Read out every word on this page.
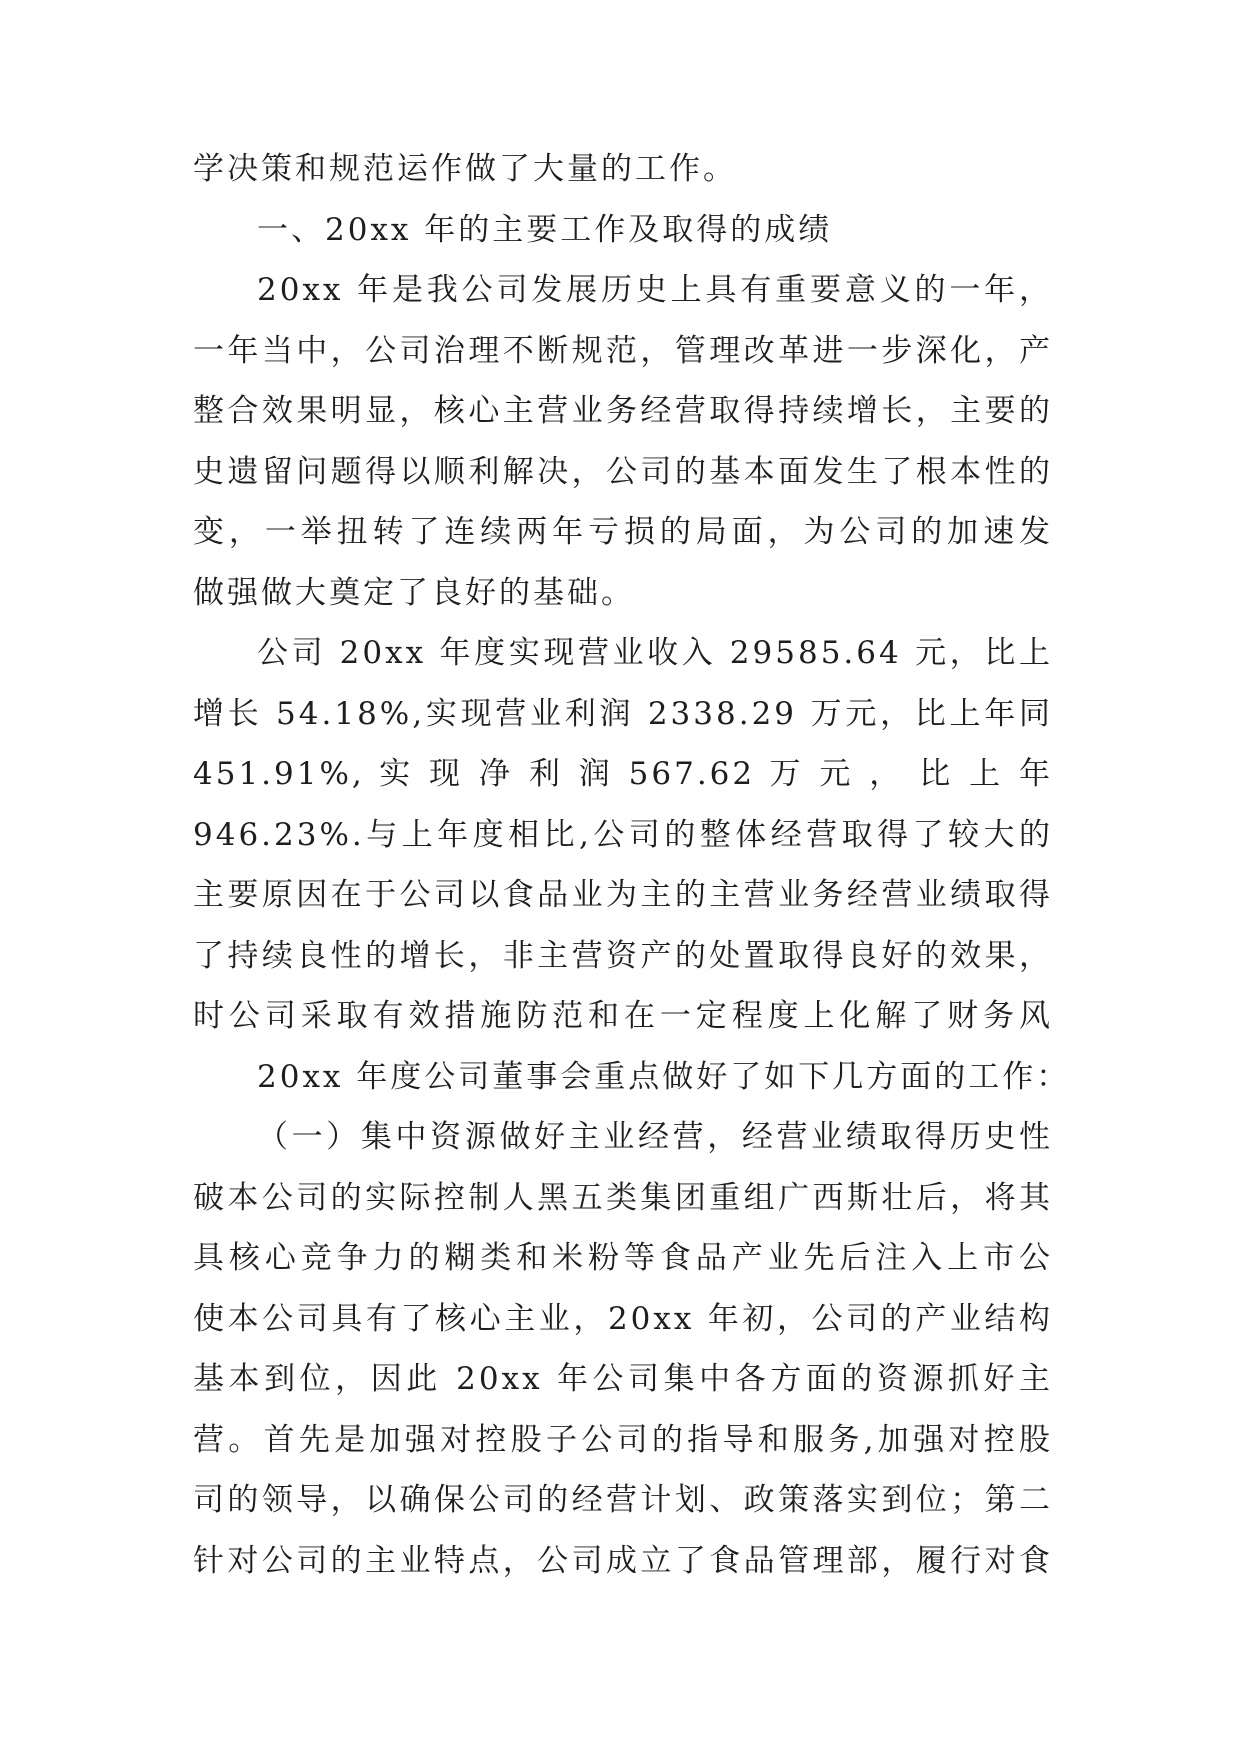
学决策和规范运作做了大量的工作。
一、20xx 年的主要工作及取得的成绩
20xx 年是我公司发展历史上具有重要意义的一年，
一年当中，公司治理不断规范，管理改革进一步深化，产
整合效果明显，核心主营业务经营取得持续增长，主要的
史遗留问题得以顺利解决，公司的基本面发生了根本性的
变，一举扭转了连续两年亏损的局面，为公司的加速发
做强做大奠定了良好的基础。
公司 20xx 年度实现营业收入 29585.64 元，比上
增长 54.18%,实现营业利润 2338.29 万元，比上年同
451.91%, 实 现 净 利 润 567.62 万 元 ， 比 上 年
946.23%.与上年度相比,公司的整体经营取得了较大的
主要原因在于公司以食品业为主的主营业务经营业绩取得
了持续良性的增长，非主营资产的处置取得良好的效果，
时公司采取有效措施防范和在一定程度上化解了财务风
20xx 年度公司董事会重点做好了如下几方面的工作：
（一）集中资源做好主业经营，经营业绩取得历史性
破本公司的实际控制人黑五类集团重组广西斯壮后，将其
具核心竞争力的糊类和米粉等食品产业先后注入上市公
使本公司具有了核心主业，20xx 年初，公司的产业结构
基本到位，因此 20xx 年公司集中各方面的资源抓好主
营。首先是加强对控股子公司的指导和服务,加强对控股
司的领导，以确保公司的经营计划、政策落实到位；第二
针对公司的主业特点，公司成立了食品管理部，履行对食
